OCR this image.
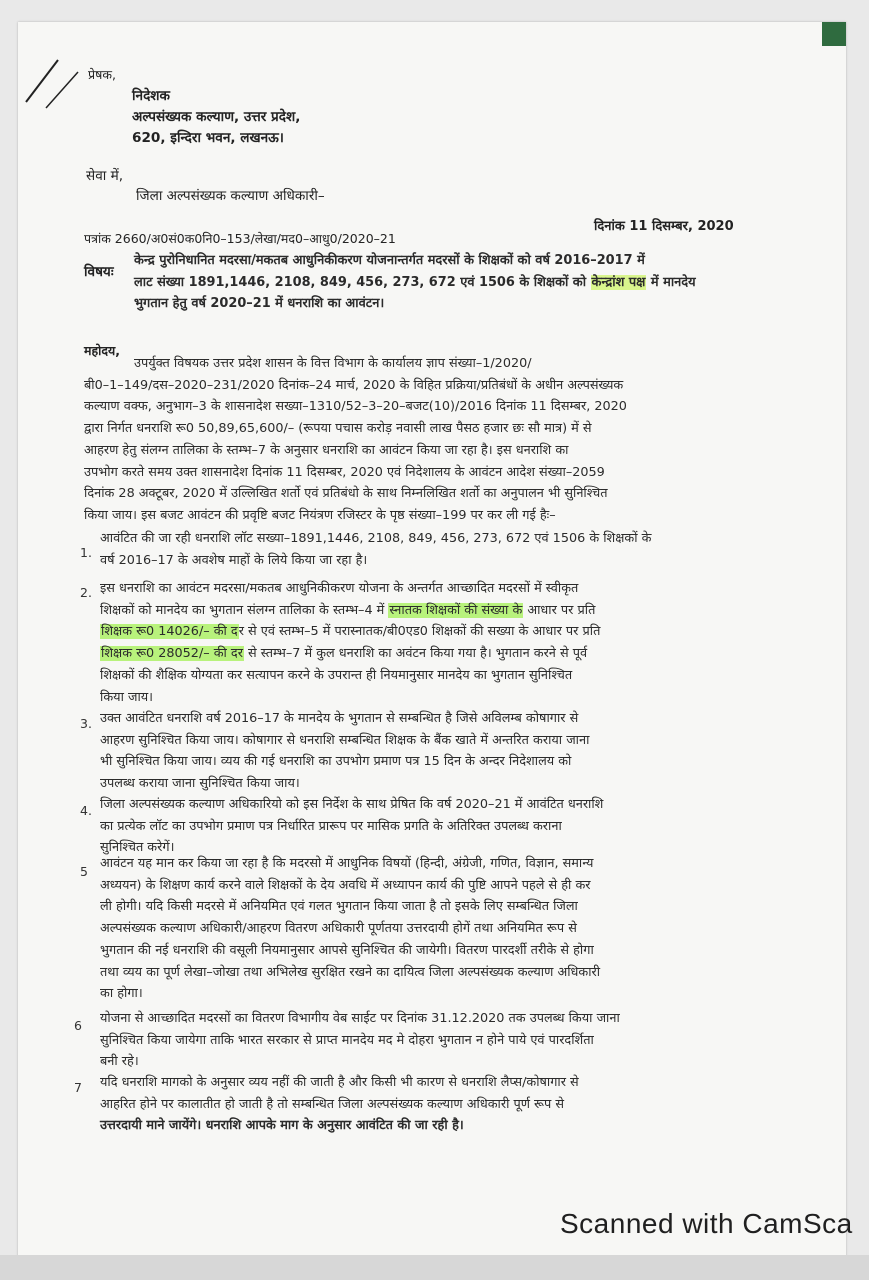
प्रेषक,
निदेशक
अल्पसंख्यक कल्याण, उत्तर प्रदेश,
620, इन्दिरा भवन, लखनऊ।
सेवा में,
जिला अल्पसंख्यक कल्याण अधिकारी–
पत्रांक 2660/अ0सं0क0नि0–153/लेखा/मद0–आधु0/2020–21
दिनांक 11 दिसम्बर, 2020
विषयः
केन्द्र पुरोनिधानित मदरसा/मकतब आधुनिकीकरण योजनान्तर्गत मदरसों के शिक्षकों को वर्ष 2016–2017 में
लाट संख्या 1891,1446, 2108, 849, 456, 273, 672 एवं 1506 के शिक्षकों को केन्द्रांश पक्ष में मानदेय
भुगतान हेतु वर्ष 2020–21 में धनराशि का आवंटन।
महोदय,
उपर्युक्त विषयक उत्तर प्रदेश शासन के वित्त विभाग के कार्यालय ज्ञाप संख्या–1/2020/
बी0–1–149/दस–2020–231/2020 दिनांक–24 मार्च, 2020 के विहित प्रक्रिया/प्रतिबंधों के अधीन अल्पसंख्यक
कल्याण वक्फ, अनुभाग–3 के शासनादेश सख्या–1310/52–3–20–बजट(10)/2016 दिनांक 11 दिसम्बर, 2020
द्वारा निर्गत धनराशि रू0 50,89,65,600/– (रूपया पचास करोड़ नवासी लाख पैसठ हजार छः सौ मात्र) में से
आहरण हेतु संलग्न तालिका के स्तम्भ–7 के अनुसार धनराशि का आवंटन किया जा रहा है। इस धनराशि का
उपभोग करते समय उक्त शासनादेश दिनांक 11 दिसम्बर, 2020 एवं निदेशालय के आवंटन आदेश संख्या–2059
दिनांक 28 अक्टूबर, 2020 में उल्लिखित शर्तो एवं प्रतिबंधो के साथ निम्नलिखित शर्तो का अनुपालन भी सुनिश्चित
किया जाय। इस बजट आवंटन की प्रवृष्टि बजट नियंत्रण रजिस्टर के पृष्ठ संख्या–199 पर कर ली गई हैः–
1.
आवंटित की जा रही धनराशि लॉट सख्या–1891,1446, 2108, 849, 456, 273, 672 एवं 1506 के शिक्षकों के
वर्ष 2016–17 के अवशेष माहों के लिये किया जा रहा है।
2. इस धनराशि का आवंटन मदरसा/मकतब आधुनिकीकरण योजना के अन्तर्गत आच्छादित मदरसों में स्वीकृत
शिक्षकों को मानदेय का भुगतान संलग्न तालिका के स्तम्भ–4 में स्नातक शिक्षकों की संख्या के आधार पर प्रति
शिक्षक रू0 14026/– की दर से एवं स्तम्भ–5 में परास्नातक/बी0एड0 शिक्षकों की सख्या के आधार पर प्रति
शिक्षक रू0 28052/– की दर से स्तम्भ–7 में कुल धनराशि का अवंटन किया गया है। भुगतान करने से पूर्व
शिक्षकों की शैक्षिक योग्यता कर सत्यापन करने के उपरान्त ही नियमानुसार मानदेय का भुगतान सुनिश्चित
किया जाय।
3. उक्त आवंटित धनराशि वर्ष 2016–17 के मानदेय के भुगतान से सम्बन्धित है जिसे अविलम्ब कोषागार से
आहरण सुनिश्चित किया जाय। कोषागार से धनराशि सम्बन्धित शिक्षक के बैंक खाते में अन्तरित कराया जाना
भी सुनिश्चित किया जाय। व्यय की गई धनराशि का उपभोग प्रमाण पत्र 15 दिन के अन्दर निदेशालय को
उपलब्ध कराया जाना सुनिश्चित किया जाय।
4. जिला अल्पसंख्यक कल्याण अधिकारियो को इस निर्देश के साथ प्रेषित कि वर्ष 2020–21 में आवंटित धनराशि
का प्रत्येक लॉट का उपभोग प्रमाण पत्र निर्धारित प्रारूप पर मासिक प्रगति के अतिरिक्त उपलब्ध कराना
सुनिश्चित करेगें।
5
आवंटन यह मान कर किया जा रहा है कि मदरसो में आधुनिक विषयों (हिन्दी, अंग्रेजी, गणित, विज्ञान, समान्य
अध्ययन) के शिक्षण कार्य करने वाले शिक्षकों के देय अवधि में अध्यापन कार्य की पुष्टि आपने पहले से ही कर
ली होगी। यदि किसी मदरसे में अनियमित एवं गलत भुगतान किया जाता है तो इसके लिए सम्बन्धित जिला
अल्पसंख्यक कल्याण अधिकारी/आहरण वितरण अधिकारी पूर्णतया उत्तरदायी होगें तथा अनियमित रूप से
भुगतान की नई धनराशि की वसूली नियमानुसार आपसे सुनिश्चित की जायेगी। वितरण पारदर्शी तरीके से होगा
तथा व्यय का पूर्ण लेखा–जोखा तथा अभिलेख सुरक्षित रखने का दायित्व जिला अल्पसंख्यक कल्याण अधिकारी
का होगा।
6 योजना से आच्छादित मदरसों का वितरण विभागीय वेब साईट पर दिनांक 31.12.2020 तक उपलब्ध किया जाना
सुनिश्चित किया जायेगा ताकि भारत सरकार से प्राप्त मानदेय मद मे दोहरा भुगतान न होने पाये एवं पारदर्शिता
बनी रहे।
7 यदि धनराशि मागको के अनुसार व्यय नहीं की जाती है और किसी भी कारण से धनराशि लैप्स/कोषागार से
आहरित होने पर कालातीत हो जाती है तो सम्बन्धित जिला अल्पसंख्यक कल्याण अधिकारी पूर्ण रूप से
उत्तरदायी माने जायेंगे। धनराशि आपके माग के अनुसार आवंटित की जा रही है।
Scanned with CamSca
